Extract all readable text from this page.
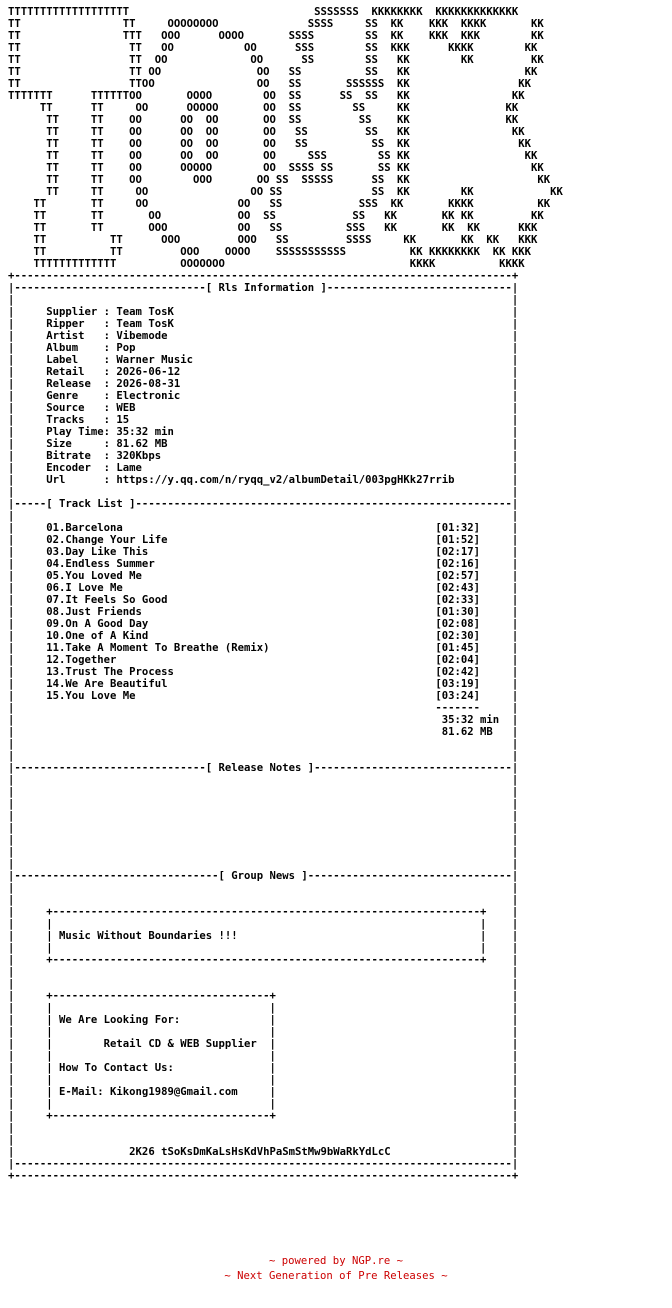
TTTTTTTTTTTTTTTTTTT                             SSSSSSS  KKKKKKKK  KKKKKKKKKKKKK
TT                TT     OOOOOOOO              SSSS     SS  KK    KKK  KKKK       KK
TT                TTT   OOO      OOOO       SSSS        SS  KK    KKK  KKK        KK
TT                 TT   OO           OO      SSS        SS  KKK      KKKK        KK
TT                 TT  OO             OO      SS        SS   KK        KK         KK
TT                 TT OO               OO   SS          SS   KK                  KK
TT                 TTOO                OO   SS       SSSSSS  KK                 KK
TTTTTTT      TTTTTTOO       OOOO        OO  SS      SS  SS   KK                KK
TT      TT     OO      OOOOO       OO  SS        SS     KK               KK
TT     TT    OO      OO  OO       OO  SS         SS    KK               KK
TT     TT    OO      OO  OO       OO   SS         SS   KK                KK
TT     TT    OO      OO  OO       OO   SS          SS  KK                 KK
TT     TT    OO      OO  OO       OO     SSS        SS KK                  KK
TT     TT    OO      OOOOO        OO  SSSS SS       SS KK                   KK
TT     TT    OO        OOO       OO SS  SSSSS      SS  KK                    KK
TT     TT     OO                OO SS              SS  KK        KK            KK
TT       TT     OO              OO   SS            SSS  KK       KKKK          KK
TT       TT       OO            OO  SS            SS   KK       KK KK         KK
TT       TT       OOO           OO   SS          SSS   KK       KK  KK      KKK
TT          TT      OOO         OOO   SS         SSSS     KK       KK  KK   KKK
TT          TT         OOO    OOOO    SSSSSSSSSSS          KK KKKKKKKK  KK KKK
TTTTTTTTTTTTT          OOOOOOO                             KKKK          KKKK
+------------------------------------------------------------------------------+
|------------------------------[ Rls Information ]-----------------------------|
|                                                                              |
|     Supplier : Team TosK                                                     |
|     Ripper   : Team TosK                                                     |
|     Artist   : Vibemode                                                      |
|     Album    : Pop                                                           |
|     Label    : Warner Music                                                  |
|     Retail   : 2026-06-12                                                    |
|     Release  : 2026-08-31                                                    |
|     Genre    : Electronic                                                    |
|     Source   : WEB                                                           |
|     Tracks   : 15                                                            |
|     Play Time: 35:32 min                                                     |
|     Size     : 81.62 MB                                                      |
|     Bitrate  : 320Kbps                                                       |
|     Encoder  : Lame                                                          |
|     Url      : https://y.qq.com/n/ryqq_v2/albumDetail/003pgHKk27rrib         |
|                                                                              |
|-----[ Track List ]-----------------------------------------------------------|
|                                                                              |
|     01.Barcelona                                                 [01:32]     |
|     02.Change Your Life                                          [01:52]     |
|     03.Day Like This                                             [02:17]     |
|     04.Endless Summer                                            [02:16]     |
|     05.You Loved Me                                              [02:57]     |
|     06.I Love Me                                                 [02:43]     |
|     07.It Feels So Good                                          [02:33]     |
|     08.Just Friends                                              [01:30]     |
|     09.On A Good Day                                             [02:08]     |
|     10.One of A Kind                                             [02:30]     |
|     11.Take A Moment To Breathe (Remix)                          [01:45]     |
|     12.Together                                                  [02:04]     |
|     13.Trust The Process                                         [02:42]     |
|     14.We Are Beautiful                                          [03:19]     |
|     15.You Love Me                                               [03:24]     |
|                                                                  -------     |
|                                                                   35:32 min  |
|                                                                   81.62 MB   |
|                                                                              |
|                                                                              |
|------------------------------[ Release Notes ]-------------------------------|
|                                                                              |
|                                                                              |
|                                                                              |
|                                                                              |
|                                                                              |
|                                                                              |
|                                                                              |
|                                                                              |
|--------------------------------[ Group News ]--------------------------------|
|                                                                              |
|                                                                              |
|     +-------------------------------------------------------------------+    |
|     |                                                                   |    |
|     | Music Without Boundaries !!!                                      |    |
|     |                                                                   |    |
|     +-------------------------------------------------------------------+    |
|                                                                              |
|                                                                              |
|     +----------------------------------+                                     |
|     |                                  |                                     |
|     | We Are Looking For:              |                                     |
|     |                                  |                                     |
|     |        Retail CD & WEB Supplier  |                                     |
|     |                                  |                                     |
|     | How To Contact Us:               |                                     |
|     |                                  |                                     |
|     | E-Mail: Kikong1989@Gmail.com     |                                     |
|     |                                  |                                     |
|     +----------------------------------+                                     |
|                                                                              |
|                                                                              |
|                  2K26 tSoKsDmKaLsHsKdVhPaSmStMw9bWaRkYdLcC                   |
|------------------------------------------------------------------------------|
+------------------------------------------------------------------------------+
~ powered by NGP.re ~
~ Next Generation of Pre Releases ~
